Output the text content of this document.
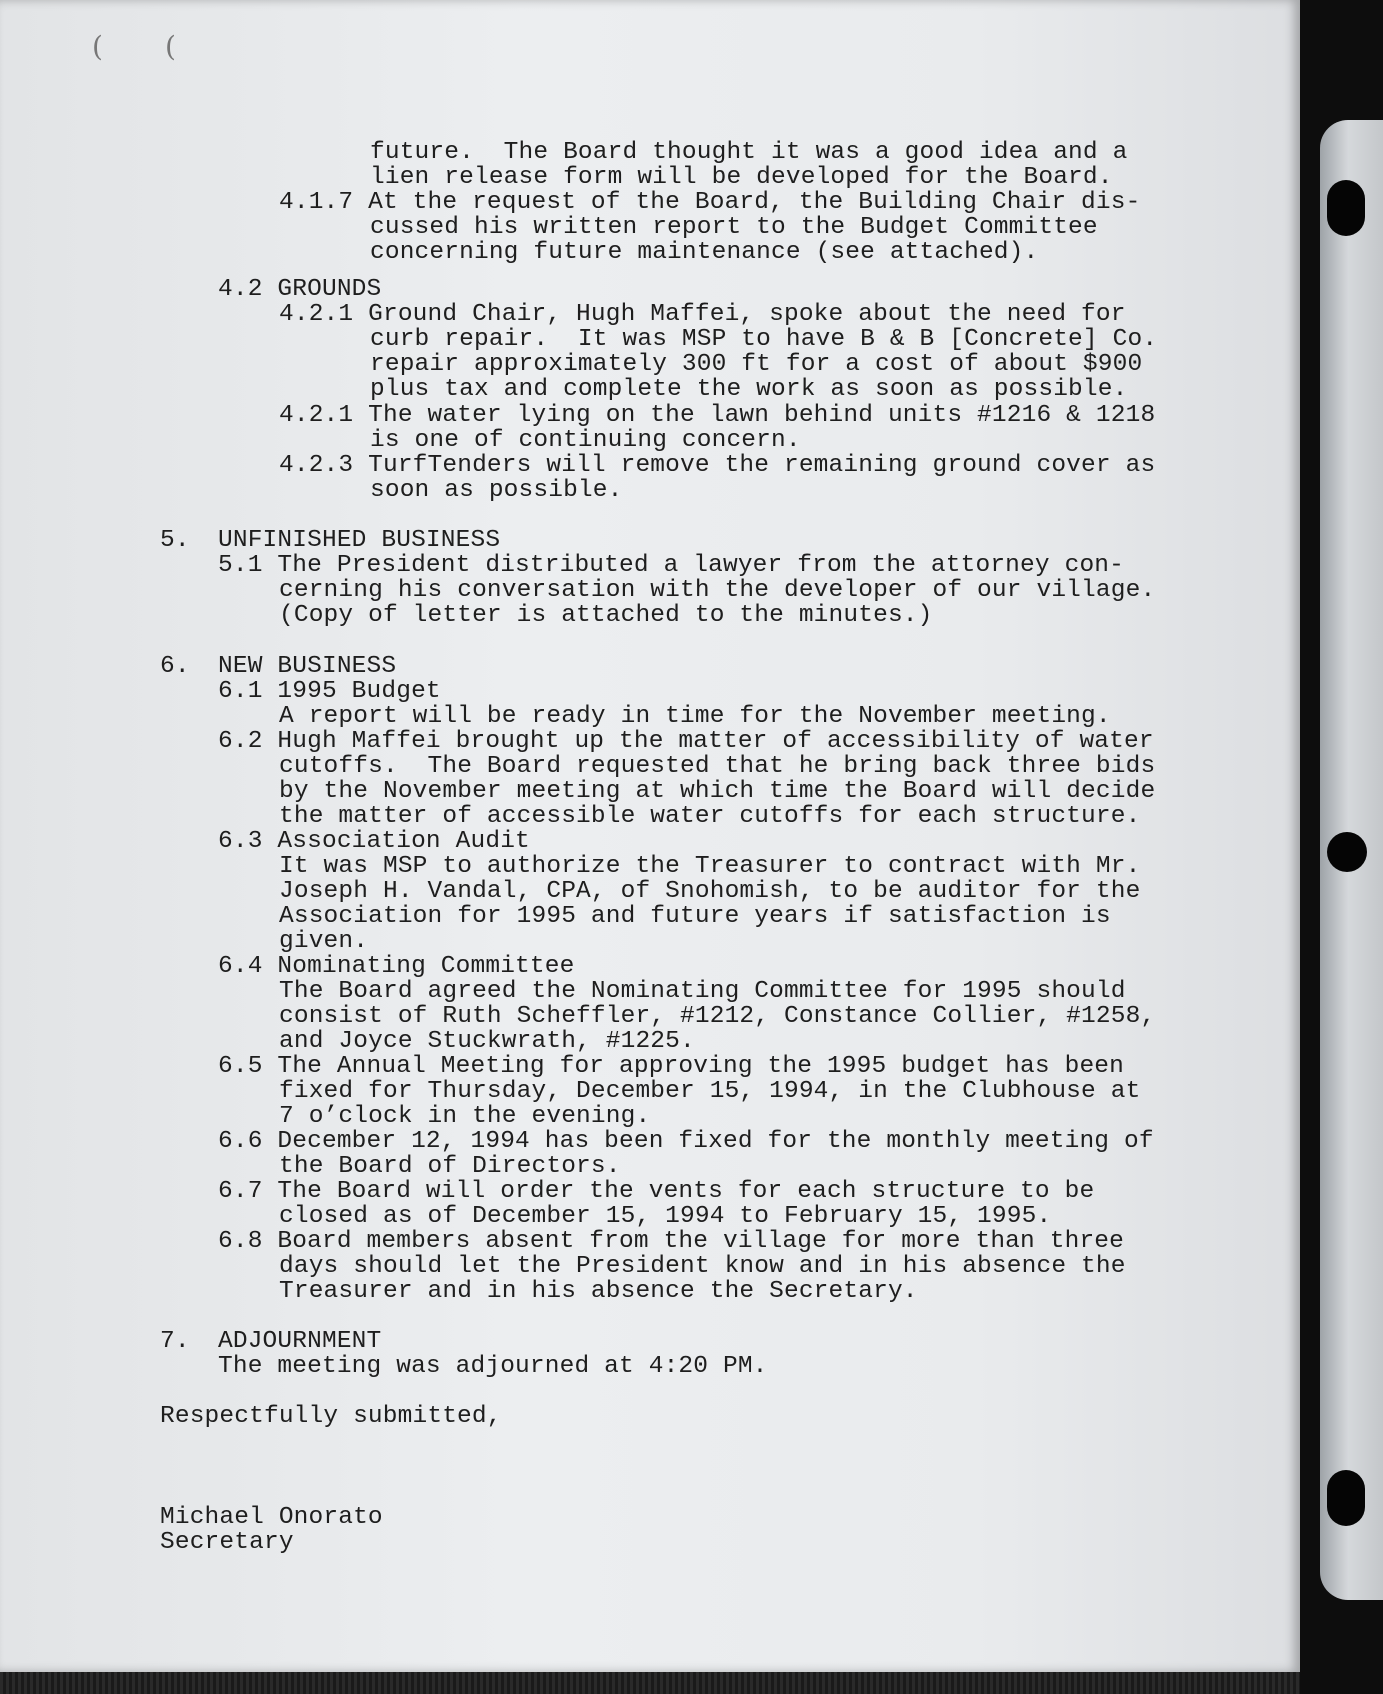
( (
future.  The Board thought it was a good idea and a
lien release form will be developed for the Board.
4.1.7 At the request of the Board, the Building Chair dis-
cussed his written report to the Budget Committee
concerning future maintenance (see attached).
4.2 GROUNDS
4.2.1 Ground Chair, Hugh Maffei, spoke about the need for
curb repair.  It was MSP to have B & B [Concrete] Co.
repair approximately 300 ft for a cost of about $900
plus tax and complete the work as soon as possible.
4.2.1 The water lying on the lawn behind units #1216 & 1218
is one of continuing concern.
4.2.3 TurfTenders will remove the remaining ground cover as
soon as possible.
5. UNFINISHED BUSINESS
5.1 The President distributed a lawyer from the attorney con-
cerning his conversation with the developer of our village.
(Copy of letter is attached to the minutes.)
6. NEW BUSINESS
6.1 1995 Budget
A report will be ready in time for the November meeting.
6.2 Hugh Maffei brought up the matter of accessibility of water
cutoffs.  The Board requested that he bring back three bids
by the November meeting at which time the Board will decide
the matter of accessible water cutoffs for each structure.
6.3 Association Audit
It was MSP to authorize the Treasurer to contract with Mr.
Joseph H. Vandal, CPA, of Snohomish, to be auditor for the
Association for 1995 and future years if satisfaction is
given.
6.4 Nominating Committee
The Board agreed the Nominating Committee for 1995 should
consist of Ruth Scheffler, #1212, Constance Collier, #1258,
and Joyce Stuckwrath, #1225.
6.5 The Annual Meeting for approving the 1995 budget has been
fixed for Thursday, December 15, 1994, in the Clubhouse at
7 o’clock in the evening.
6.6 December 12, 1994 has been fixed for the monthly meeting of
the Board of Directors.
6.7 The Board will order the vents for each structure to be
closed as of December 15, 1994 to February 15, 1995.
6.8 Board members absent from the village for more than three
days should let the President know and in his absence the
Treasurer and in his absence the Secretary.
7. ADJOURNMENT
The meeting was adjourned at 4:20 PM.
Respectfully submitted,
Michael Onorato
Secretary
